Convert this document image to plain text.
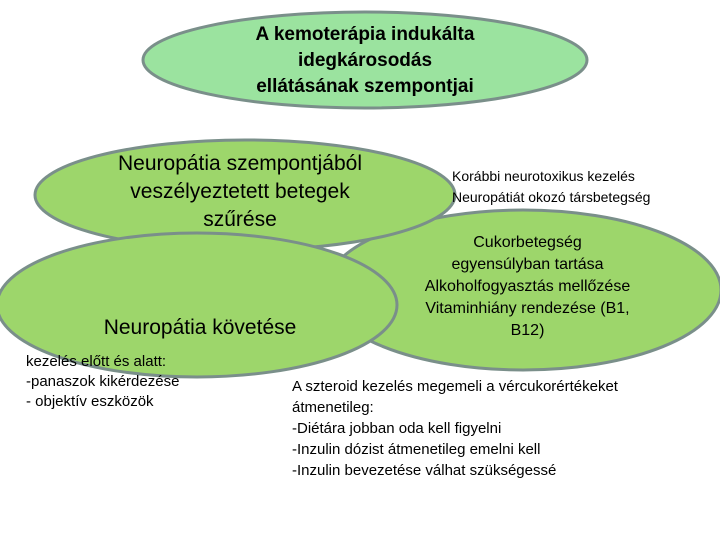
A kemoterápia indukálta
idegkárosodás
ellátásának szempontjai
Neuropátia szempontjából
veszélyeztetett betegek
szűrése
Neuropátia követése
Korábbi neurotoxikus kezelés
Neuropátiát okozó társbetegség
Cukorbetegség
egyensúlyban tartása
Alkoholfogyasztás mellőzése
Vitaminhiány rendezése (B1,
B12)
kezelés előtt és alatt:
-panaszok kikérdezése
- objektív eszközök
A szteroid kezelés megemeli a vércukorértékeket
átmenetileg:
-Diétára jobban oda kell figyelni
-Inzulin dózist átmenetileg emelni kell
-Inzulin bevezetése válhat szükségessé
